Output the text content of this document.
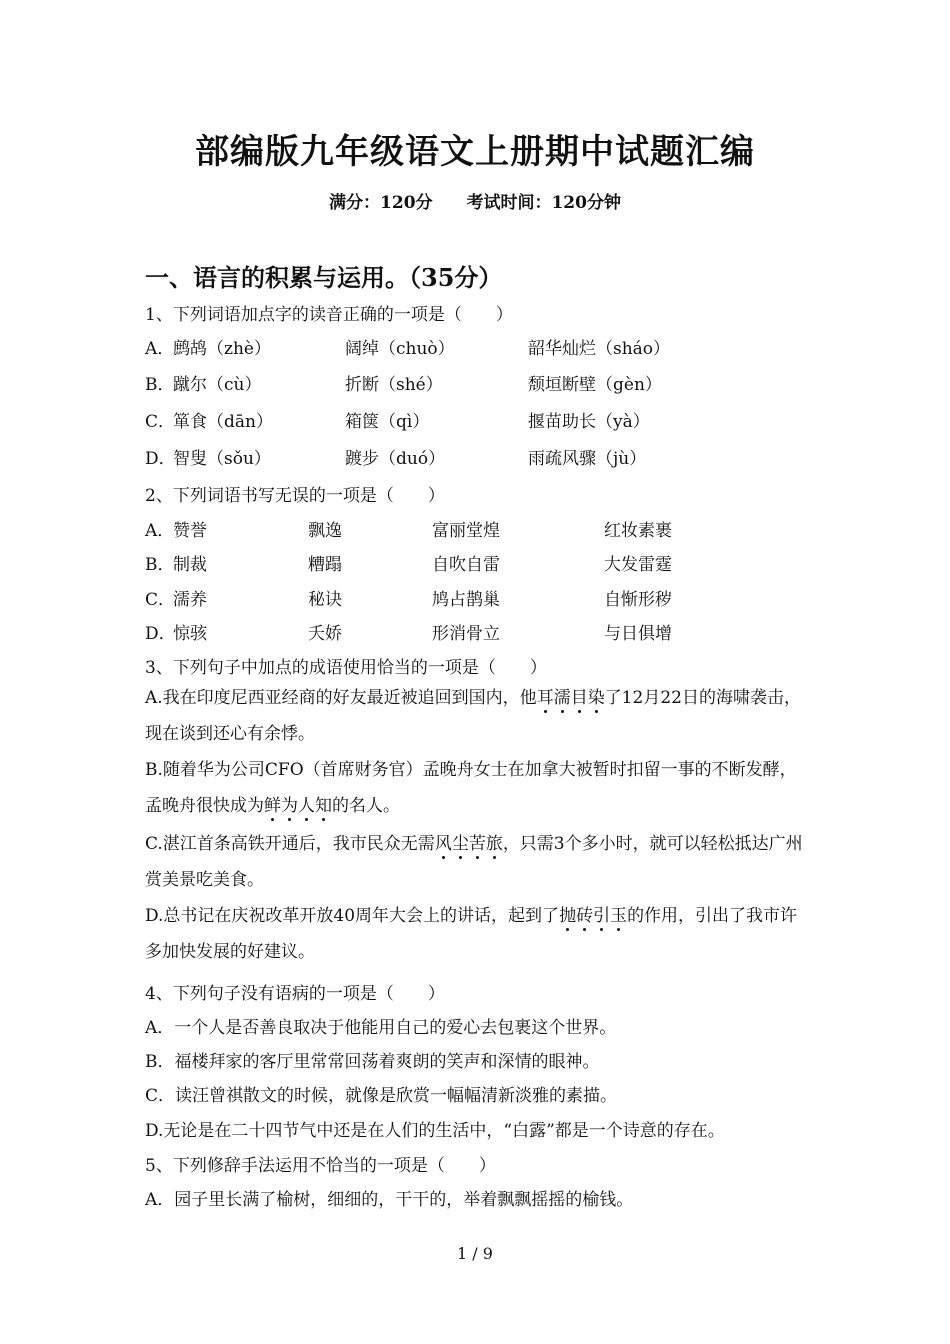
部编版九年级语文上册期中试题汇编
满分：120分 考试时间：120分钟
一、语言的积累与运用。（35分）
1、下列词语加点字的读音正确的一项是（　　）
A．
鹧鸪（zhè）	阔绰（chuò）	韶华灿烂（sháo）
B．
蹴尔（cù）	折断（shé）	颓垣断壁（gèn）
C．
箪食（dān）	箱箧（qì）	揠苗助长（yà）
D．
智叟（sǒu）	踱步（duó）	雨疏风骤（jù）
2、下列词语书写无误的一项是（　　）
A．
赞誉	飘逸	富丽堂煌	红妆素裹
B．
制裁	糟蹋	自吹自雷	大发雷霆
C．
濡养	秘诀	鸠占鹊巢	自惭形秽
D．
惊骇	夭娇	形消骨立	与日俱增
3、下列句子中加点的成语使用恰当的一项是（　　）
A.我在印度尼西亚经商的好友最近被追回到国内，他耳濡目染了12月22日的海啸袭击，现在谈到还心有余悸。
B.随着华为公司CFO（首席财务官）孟晚舟女士在加拿大被暂时扣留一事的不断发酵，孟晚舟很快成为鲜为人知的名人。
C.湛江首条高铁开通后，我市民众无需风尘苦旅，只需3个多小时，就可以轻松抵达广州赏美景吃美食。
D.总书记在庆祝改革开放40周年大会上的讲话，起到了抛砖引玉的作用，引出了我市许多加快发展的好建议。
4、下列句子没有语病的一项是（　　）
A．一个人是否善良取决于他能用自己的爱心去包裹这个世界。
B．福楼拜家的客厅里常常回荡着爽朗的笑声和深情的眼神。
C．读汪曾祺散文的时候，就像是欣赏一幅幅清新淡雅的素描。
D.无论是在二十四节气中还是在人们的生活中，“白露”都是一个诗意的存在。
5、下列修辞手法运用不恰当的一项是（　　）
A．园子里长满了榆树，细细的，干干的，举着飘飘摇摇的榆钱。
1 / 9
